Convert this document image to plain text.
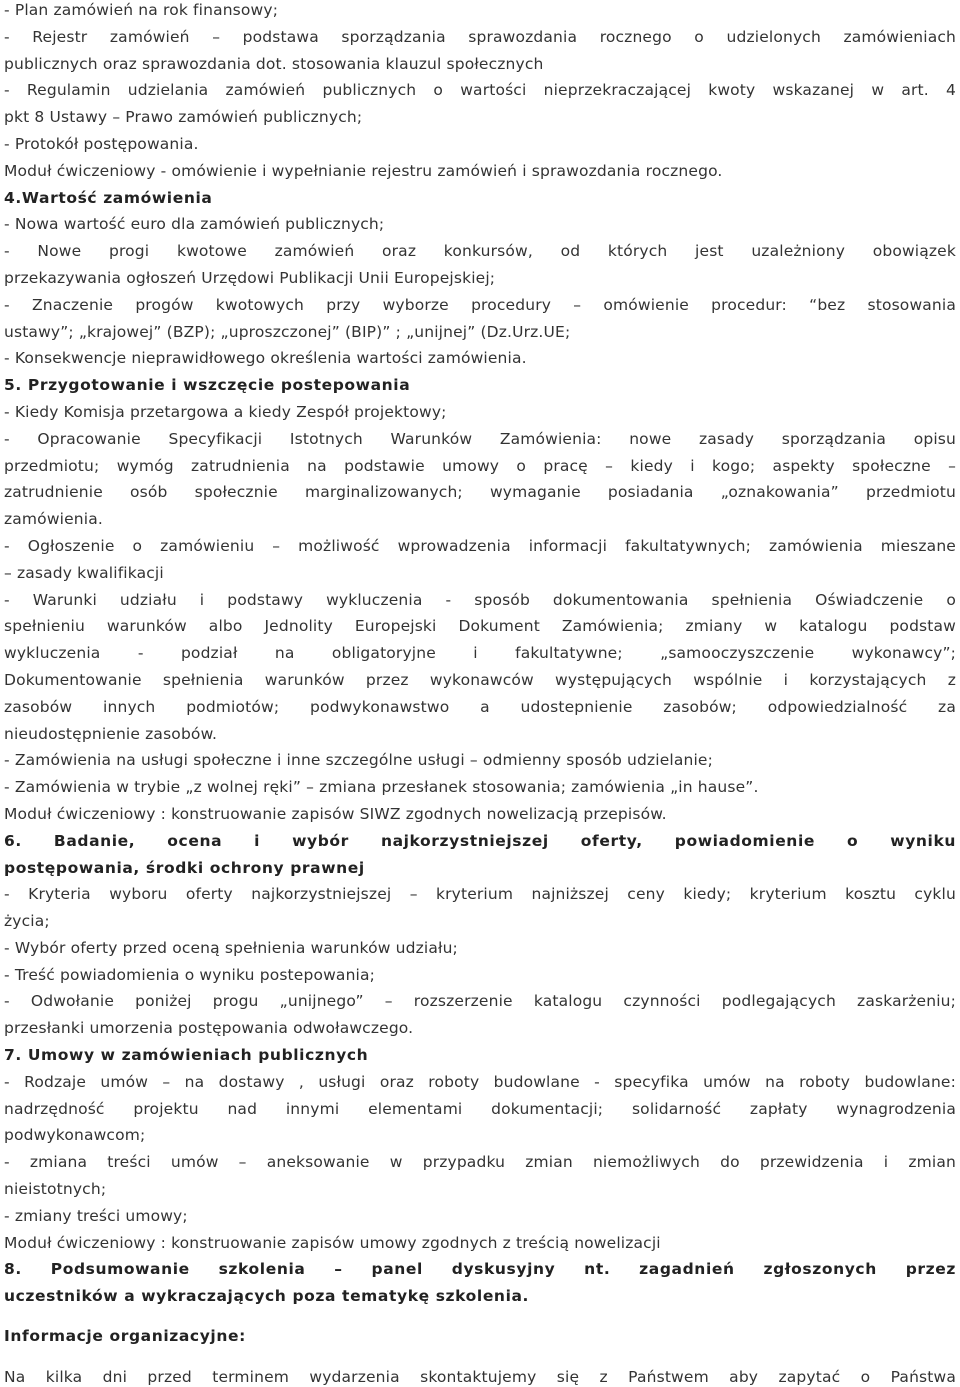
- Plan zamówień na rok finansowy;
- Rejestr zamówień – podstawa sporządzania sprawozdania rocznego o udzielonych zamówieniach
publicznych oraz sprawozdania dot. stosowania klauzul społecznych
- Regulamin udzielania zamówień publicznych o wartości nieprzekraczającej kwoty wskazanej w art. 4
pkt 8 Ustawy – Prawo zamówień publicznych;
- Protokół postępowania.
Moduł ćwiczeniowy - omówienie i wypełnianie rejestru zamówień i sprawozdania rocznego.
4.Wartość zamówienia
- Nowa wartość euro dla zamówień publicznych;
- Nowe progi kwotowe zamówień oraz konkursów, od których jest uzależniony obowiązek
przekazywania ogłoszeń Urzędowi Publikacji Unii Europejskiej;
- Znaczenie progów kwotowych przy wyborze procedury – omówienie procedur: “bez stosowania
ustawy”; „krajowej” (BZP); „uproszczonej” (BIP)” ; „unijnej” (Dz.Urz.UE;
- Konsekwencje nieprawidłowego określenia wartości zamówienia.
5. Przygotowanie i wszczęcie postepowania
- Kiedy Komisja przetargowa a kiedy Zespół projektowy;
- Opracowanie Specyfikacji Istotnych Warunków Zamówienia: nowe zasady sporządzania opisu
przedmiotu; wymóg zatrudnienia na podstawie umowy o pracę – kiedy i kogo; aspekty społeczne –
zatrudnienie osób społecznie marginalizowanych; wymaganie posiadania „oznakowania” przedmiotu
zamówienia.
- Ogłoszenie o zamówieniu – możliwość wprowadzenia informacji fakultatywnych; zamówienia mieszane
– zasady kwalifikacji
- Warunki udziału i podstawy wykluczenia - sposób dokumentowania spełnienia Oświadczenie o
spełnieniu warunków albo Jednolity Europejski Dokument Zamówienia; zmiany w katalogu podstaw
wykluczenia - podział na obligatoryjne i fakultatywne; „samooczyszczenie wykonawcy”;
Dokumentowanie spełnienia warunków przez wykonawców występujących wspólnie i korzystających z
zasobów innych podmiotów; podwykonawstwo a udostepnienie zasobów; odpowiedzialność za
nieudostępnienie zasobów.
- Zamówienia na usługi społeczne i inne szczególne usługi – odmienny sposób udzielanie;
- Zamówienia w trybie „z wolnej ręki” – zmiana przesłanek stosowania; zamówienia „in hause”.
Moduł ćwiczeniowy : konstruowanie zapisów SIWZ zgodnych nowelizacją przepisów.
6. Badanie, ocena i wybór najkorzystniejszej oferty, powiadomienie o wyniku
postępowania, środki ochrony prawnej
- Kryteria wyboru oferty najkorzystniejszej – kryterium najniższej ceny kiedy; kryterium kosztu cyklu
życia;
- Wybór oferty przed oceną spełnienia warunków udziału;
- Treść powiadomienia o wyniku postepowania;
- Odwołanie poniżej progu „unijnego” – rozszerzenie katalogu czynności podlegających zaskarżeniu;
przesłanki umorzenia postępowania odwoławczego.
7. Umowy w zamówieniach publicznych
- Rodzaje umów – na dostawy , usługi oraz roboty budowlane - specyfika umów na roboty budowlane:
nadrzędność projektu nad innymi elementami dokumentacji; solidarność zapłaty wynagrodzenia
podwykonawcom;
- zmiana treści umów – aneksowanie w przypadku zmian niemożliwych do przewidzenia i zmian
nieistotnych;
- zmiany treści umowy;
Moduł ćwiczeniowy : konstruowanie zapisów umowy zgodnych z treścią nowelizacji
8. Podsumowanie szkolenia – panel dyskusyjny nt. zagadnień zgłoszonych przez
uczestników a wykraczających poza tematykę szkolenia.
Informacje organizacyjne:
Na kilka dni przed terminem wydarzenia skontaktujemy się z Państwem aby zapytać o Państwa
